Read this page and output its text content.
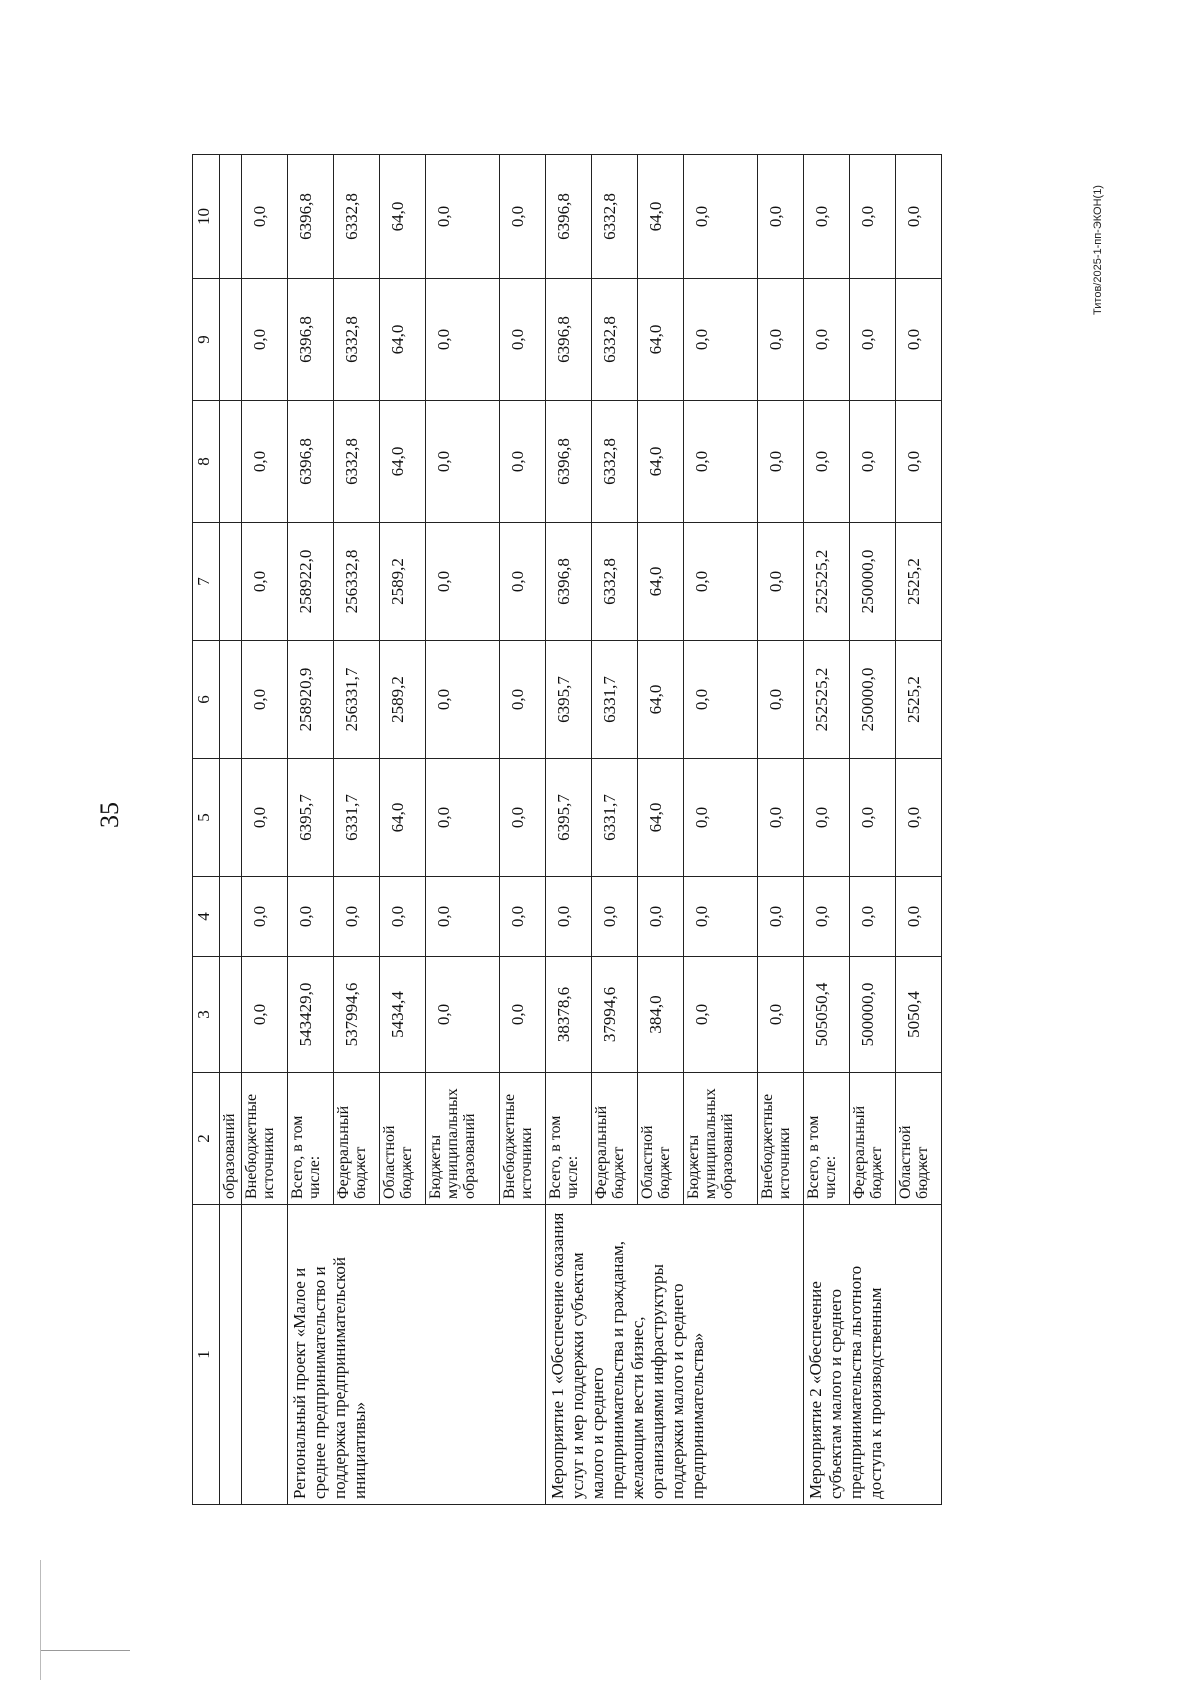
35
Титов/2025-1-пп-ЭКОН(1)
1	2	3	4	5	6	7	8	9	10
	образований								
	Внебюджетные источники	0,0	0,0	0,0	0,0	0,0	0,0	0,0	0,0
Региональный проект «Малое и среднее предпринимательство и поддержка предпринимательской инициативы»	Всего, в том числе:	543429,0	0,0	6395,7	258920,9	258922,0	6396,8	6396,8	6396,8
	Федеральный бюджет	537994,6	0,0	6331,7	256331,7	256332,8	6332,8	6332,8	6332,8
	Областной бюджет	5434,4	0,0	64,0	2589,2	2589,2	64,0	64,0	64,0
	Бюджеты муниципальных образований	0,0	0,0	0,0	0,0	0,0	0,0	0,0	0,0
	Внебюджетные источники	0,0	0,0	0,0	0,0	0,0	0,0	0,0	0,0
Мероприятие 1 «Обеспечение оказания услуг и мер поддержки субъектам малого и среднего предпринимательства и гражданам, желающим вести бизнес, организациями инфраструктуры поддержки малого и среднего предпринимательства»	Всего, в том числе:	38378,6	0,0	6395,7	6395,7	6396,8	6396,8	6396,8	6396,8
	Федеральный бюджет	37994,6	0,0	6331,7	6331,7	6332,8	6332,8	6332,8	6332,8
	Областной бюджет	384,0	0,0	64,0	64,0	64,0	64,0	64,0	64,0
	Бюджеты муниципальных образований	0,0	0,0	0,0	0,0	0,0	0,0	0,0	0,0
	Внебюджетные источники	0,0	0,0	0,0	0,0	0,0	0,0	0,0	0,0
Мероприятие 2 «Обеспечение субъектам малого и среднего предпринимательства льготного доступа к производственным	Всего, в том числе:	505050,4	0,0	0,0	252525,2	252525,2	0,0	0,0	0,0
	Федеральный бюджет	500000,0	0,0	0,0	250000,0	250000,0	0,0	0,0	0,0
	Областной бюджет	5050,4	0,0	0,0	2525,2	2525,2	0,0	0,0	0,0
